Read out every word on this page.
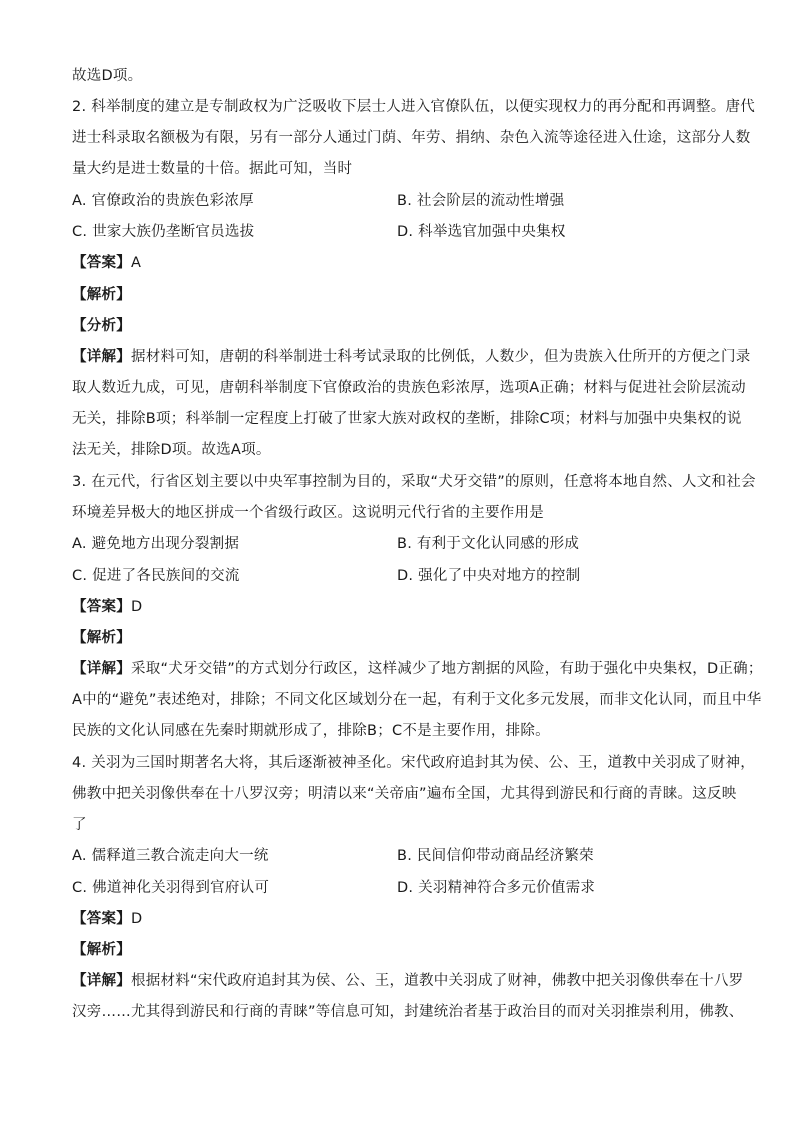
故选D项。
2. 科举制度的建立是专制政权为广泛吸收下层士人进入官僚队伍，以便实现权力的再分配和再调整。唐代
进士科录取名额极为有限，另有一部分人通过门荫、年劳、捐纳、杂色入流等途径进入仕途，这部分人数
量大约是进士数量的十倍。据此可知，当时
A. 官僚政治的贵族色彩浓厚	B. 社会阶层的流动性增强
C. 世家大族仍垄断官员选拔	D. 科举选官加强中央集权
【答案】A
【解析】
【分析】
【详解】据材料可知，唐朝的科举制进士科考试录取的比例低，人数少，但为贵族入仕所开的方便之门录
取人数近九成，可见，唐朝科举制度下官僚政治的贵族色彩浓厚，选项A正确；材料与促进社会阶层流动
无关，排除B项；科举制一定程度上打破了世家大族对政权的垄断，排除C项；材料与加强中央集权的说
法无关，排除D项。故选A项。
3. 在元代，行省区划主要以中央军事控制为目的，采取“犬牙交错”的原则，任意将本地自然、人文和社会
环境差异极大的地区拼成一个省级行政区。这说明元代行省的主要作用是
A. 避免地方出现分裂割据	B. 有利于文化认同感的形成
C. 促进了各民族间的交流	D. 强化了中央对地方的控制
【答案】D
【解析】
【详解】采取“犬牙交错”的方式划分行政区，这样减少了地方割据的风险，有助于强化中央集权，D正确；
A中的“避免”表述绝对，排除；不同文化区域划分在一起，有利于文化多元发展，而非文化认同，而且中华
民族的文化认同感在先秦时期就形成了，排除B；C不是主要作用，排除。
4. 关羽为三国时期著名大将，其后逐渐被神圣化。宋代政府追封其为侯、公、王，道教中关羽成了财神，
佛教中把关羽像供奉在十八罗汉旁；明清以来“关帝庙”遍布全国，尤其得到游民和行商的青睐。这反映
了
A. 儒释道三教合流走向大一统	B. 民间信仰带动商品经济繁荣
C. 佛道神化关羽得到官府认可	D. 关羽精神符合多元价值需求
【答案】D
【解析】
【详解】根据材料“宋代政府追封其为侯、公、王，道教中关羽成了财神，佛教中把关羽像供奉在十八罗
汉旁……尤其得到游民和行商的青睐”等信息可知，封建统治者基于政治目的而对关羽推崇利用，佛教、
